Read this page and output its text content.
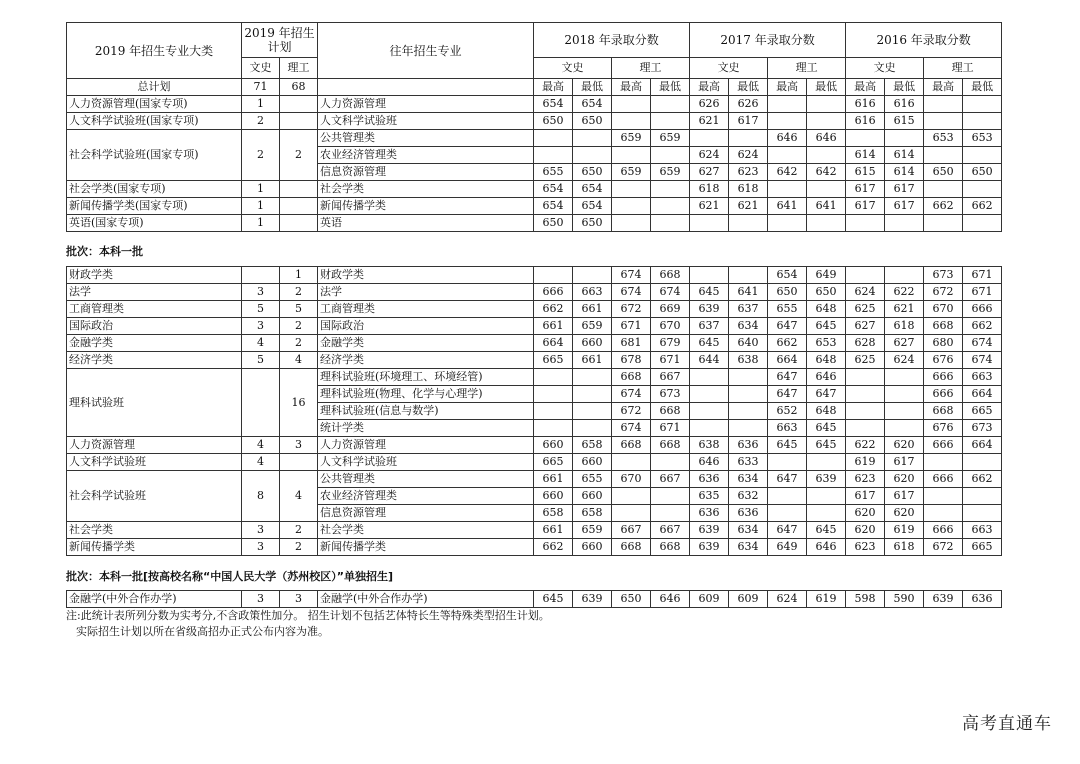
2019 年招生专业大类	2019 年招生 计划		往年招生专业	2018 年录取分数				2017 年录取分数				2016 年录取分数			
	文史	理工		文史		理工		文史		理工		文史		理工	
总计划	71	68		最高	最低	最高	最低	最高	最低	最高	最低	最高	最低	最高	最低
人力资源管理(国家专项)	1		人力资源管理	654	654			626	626			616	616		
人文科学试验班(国家专项)	2		人文科学试验班	650	650			621	617			616	615		
社会科学试验班(国家专项)	2	2	公共管理类			659	659			646	646			653	653
			农业经济管理类					624	624			614	614		
			信息资源管理	655	650	659	659	627	623	642	642	615	614	650	650
社会学类(国家专项)	1		社会学类	654	654			618	618			617	617		
新闻传播学类(国家专项)	1		新闻传播学类	654	654			621	621	641	641	617	617	662	662
英语(国家专项)	1		英语	650	650										
批次：本科一批
财政学类		1	财政学类			674	668			654	649			673	671
法学	3	2	法学	666	663	674	674	645	641	650	650	624	622	672	671
工商管理类	5	5	工商管理类	662	661	672	669	639	637	655	648	625	621	670	666
国际政治	3	2	国际政治	661	659	671	670	637	634	647	645	627	618	668	662
金融学类	4	2	金融学类	664	660	681	679	645	640	662	653	628	627	680	674
经济学类	5	4	经济学类	665	661	678	671	644	638	664	648	625	624	676	674
理科试验班		16	理科试验班(环境理工、环境经管)			668	667			647	646			666	663
			理科试验班(物理、化学与心理学)			674	673			647	647			666	664
			理科试验班(信息与数学)			672	668			652	648			668	665
			统计学类			674	671			663	645			676	673
人力资源管理	4	3	人力资源管理	660	658	668	668	638	636	645	645	622	620	666	664
人文科学试验班	4		人文科学试验班	665	660			646	633			619	617		
社会科学试验班	8	4	公共管理类	661	655	670	667	636	634	647	639	623	620	666	662
			农业经济管理类	660	660			635	632			617	617		
			信息资源管理	658	658			636	636			620	620		
社会学类	3	2	社会学类	661	659	667	667	639	634	647	645	620	619	666	663
新闻传播学类	3	2	新闻传播学类	662	660	668	668	639	634	649	646	623	618	672	665
批次：本科一批[按高校名称“中国人民大学（苏州校区）”单独招生]
金融学(中外合作办学)	3	3	金融学(中外合作办学)	645	639	650	646	609	609	624	619	598	590	639	636
注:此统计表所列分数为实考分,不含政策性加分。 招生计划不包括艺体特长生等特殊类型招生计划。
实际招生计划以所在省级高招办正式公布内容为准。
高考直通车
